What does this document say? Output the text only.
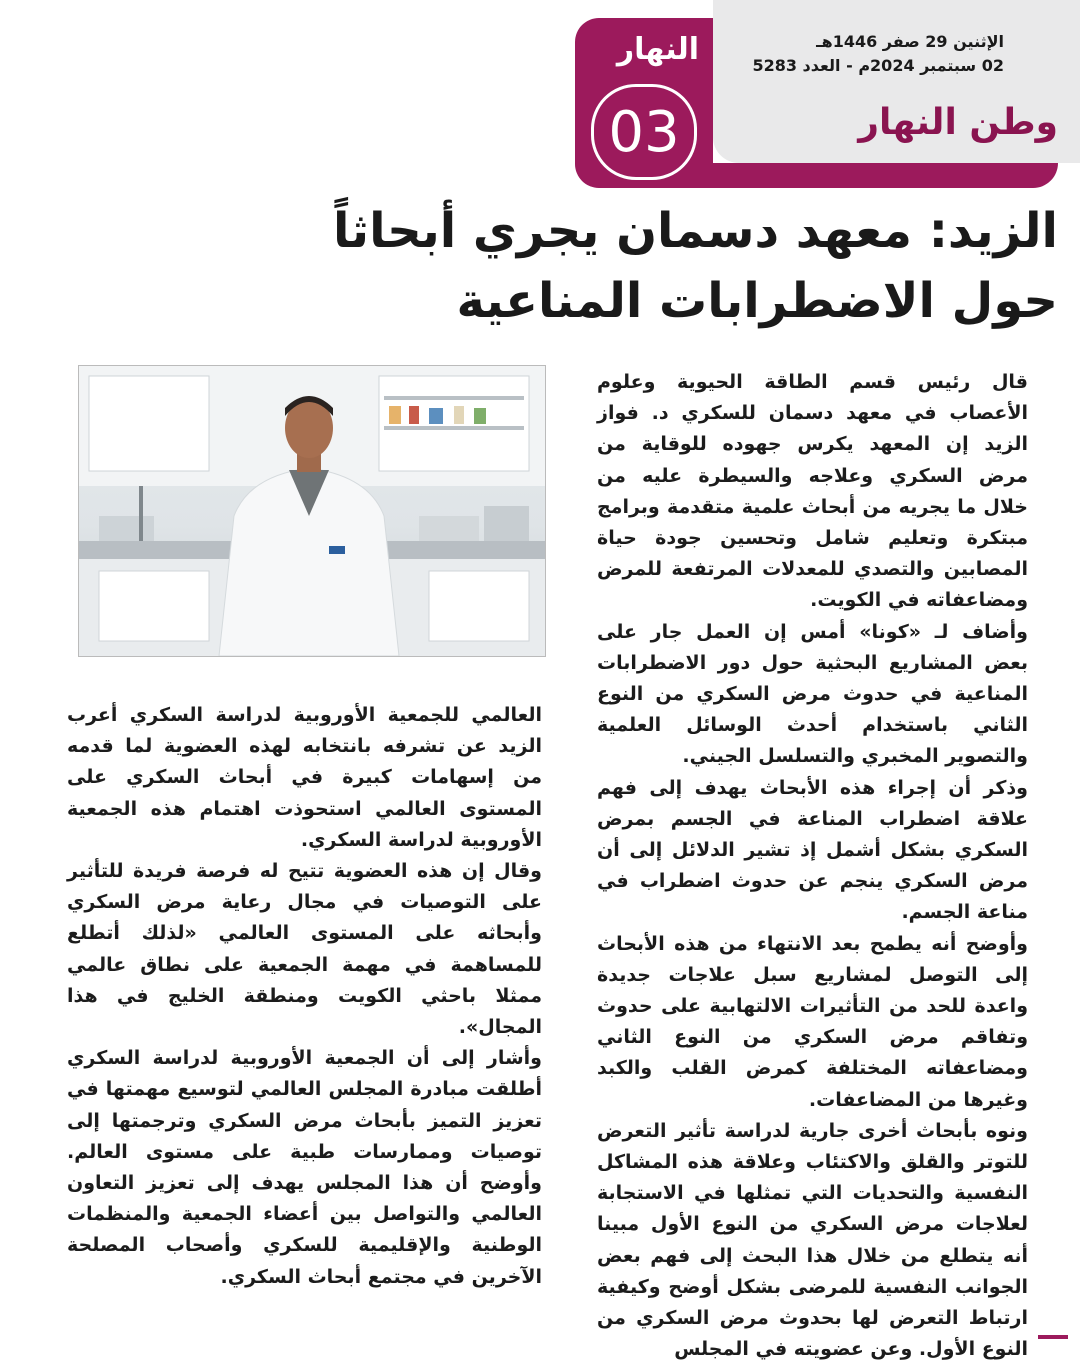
الإثنين 29 صفر 1446هـ
02 سبتمبر 2024م - العدد 5283
وطن النهار
النهار
03
الزيد: معهد دسمان يجري أبحاثاً
حول الاضطرابات المناعية

قال رئيس قسم الطاقة الحيوية وعلوم الأعصاب في معهد دسمان للسكري د. فواز الزيد إن المعهد يكرس جهوده للوقاية من مرض السكري وعلاجه والسيطرة عليه من خلال ما يجريه من أبحاث علمية متقدمة وبرامج مبتكرة وتعليم شامل وتحسين جودة حياة المصابين والتصدي للمعدلات المرتفعة للمرض ومضاعفاته في الكويت.

وأضاف لـ «كونا» أمس إن العمل جار على بعض المشاريع البحثية حول دور الاضطرابات المناعية في حدوث مرض السكري من النوع الثاني باستخدام أحدث الوسائل العلمية والتصوير المخبري والتسلسل الجيني.

وذكر أن إجراء هذه الأبحاث يهدف إلى فهم علاقة اضطراب المناعة في الجسم بمرض السكري بشكل أشمل إذ تشير الدلائل إلى أن مرض السكري ينجم عن حدوث اضطراب في مناعة الجسم.

وأوضح أنه يطمح بعد الانتهاء من هذه الأبحاث إلى التوصل لمشاريع سبل علاجات جديدة واعدة للحد من التأثيرات الالتهابية على حدوث وتفاقم مرض السكري من النوع الثاني ومضاعفاته المختلفة كمرض القلب والكبد وغيرها من المضاعفات.

ونوه بأبحاث أخرى جارية لدراسة تأثير التعرض للتوتر والقلق والاكتئاب وعلاقة هذه المشاكل النفسية والتحديات التي تمثلها في الاستجابة لعلاجات مرض السكري من النوع الأول مبينا أنه يتطلع من خلال هذا البحث إلى فهم بعض الجوانب النفسية للمرضى بشكل أوضح وكيفية ارتباط التعرض لها بحدوث مرض السكري من النوع الأول. وعن عضويته في المجلس

العالمي للجمعية الأوروبية لدراسة السكري أعرب الزيد عن تشرفه بانتخابه لهذه العضوية لما قدمه من إسهامات كبيرة في أبحاث السكري على المستوى العالمي استحوذت اهتمام هذه الجمعية الأوروبية لدراسة السكري.

وقال إن هذه العضوية تتيح له فرصة فريدة للتأثير على التوصيات في مجال رعاية مرض السكري وأبحاثه على المستوى العالمي «لذلك أتطلع للمساهمة في مهمة الجمعية على نطاق عالمي ممثلا باحثي الكويت ومنطقة الخليج في هذا المجال».

وأشار إلى أن الجمعية الأوروبية لدراسة السكري أطلقت مبادرة المجلس العالمي لتوسيع مهمتها في تعزيز التميز بأبحاث مرض السكري وترجمتها إلى توصيات وممارسات طبية على مستوى العالم. وأوضح أن هذا المجلس يهدف إلى تعزيز التعاون العالمي والتواصل بين أعضاء الجمعية والمنظمات الوطنية والإقليمية للسكري وأصحاب المصلحة الآخرين في مجتمع أبحاث السكري.
